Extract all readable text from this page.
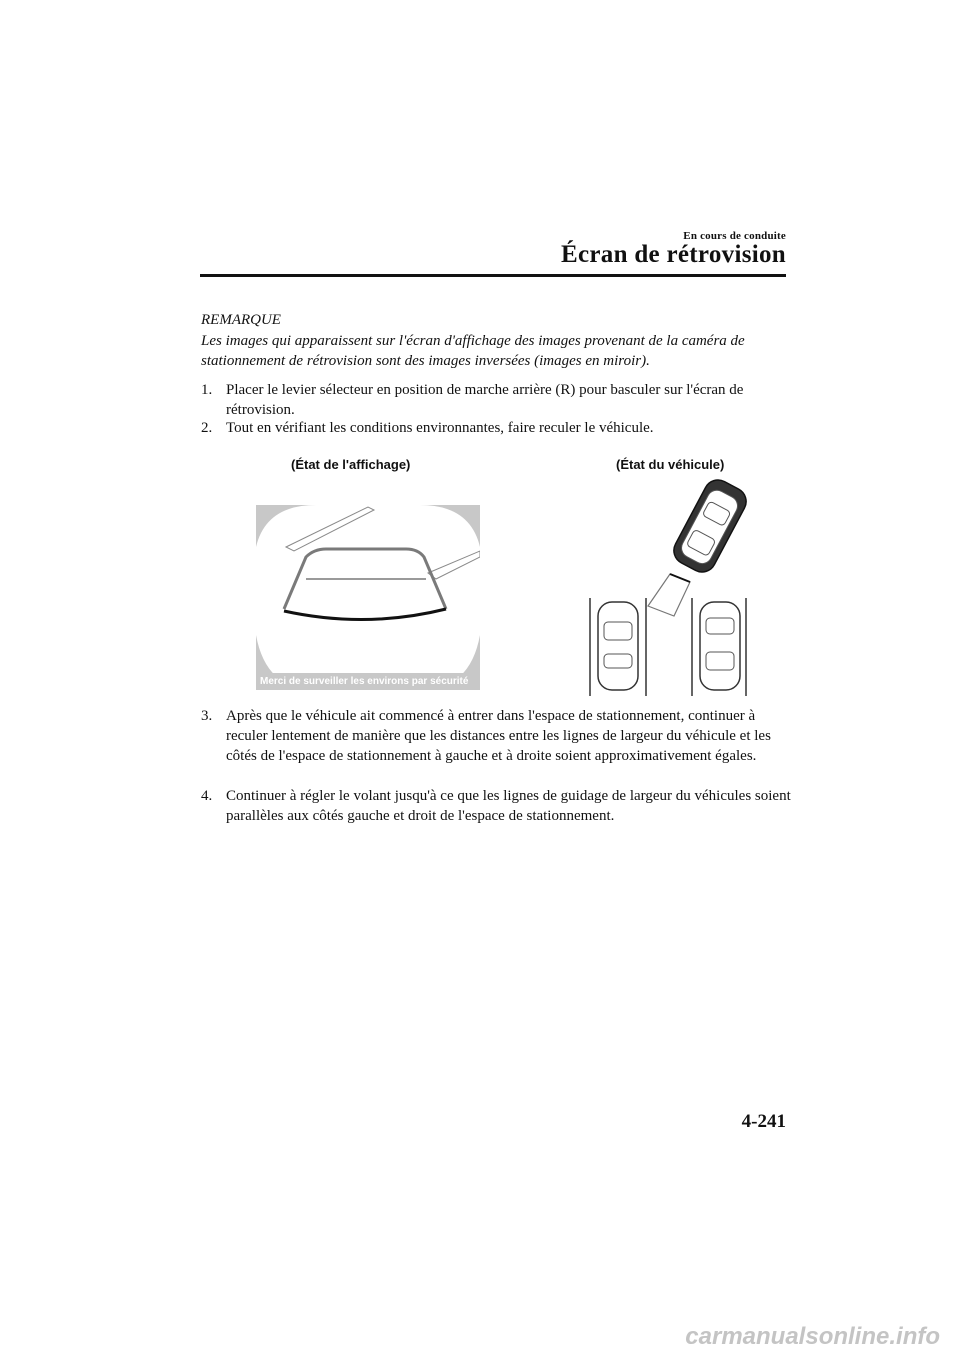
En cours de conduite
Écran de rétrovision
REMARQUE
Les images qui apparaissent sur l'écran d'affichage des images provenant de la caméra de stationnement de rétrovision sont des images inversées (images en miroir).
1. Placer le levier sélecteur en position de marche arrière (R) pour basculer sur l'écran de rétrovision.
2. Tout en vérifiant les conditions environnantes, faire reculer le véhicule.
(État de l'affichage)	(État du véhicule)
Merci de surveiller les environs par sécurité
3. Après que le véhicule ait commencé à entrer dans l'espace de stationnement, continuer à reculer lentement de manière que les distances entre les lignes de largeur du véhicule et les côtés de l'espace de stationnement à gauche et à droite soient approximativement égales.
4. Continuer à régler le volant jusqu'à ce que les lignes de guidage de largeur du véhicules soient parallèles aux côtés gauche et droit de l'espace de stationnement.
4-241
carmanualsonline.info
